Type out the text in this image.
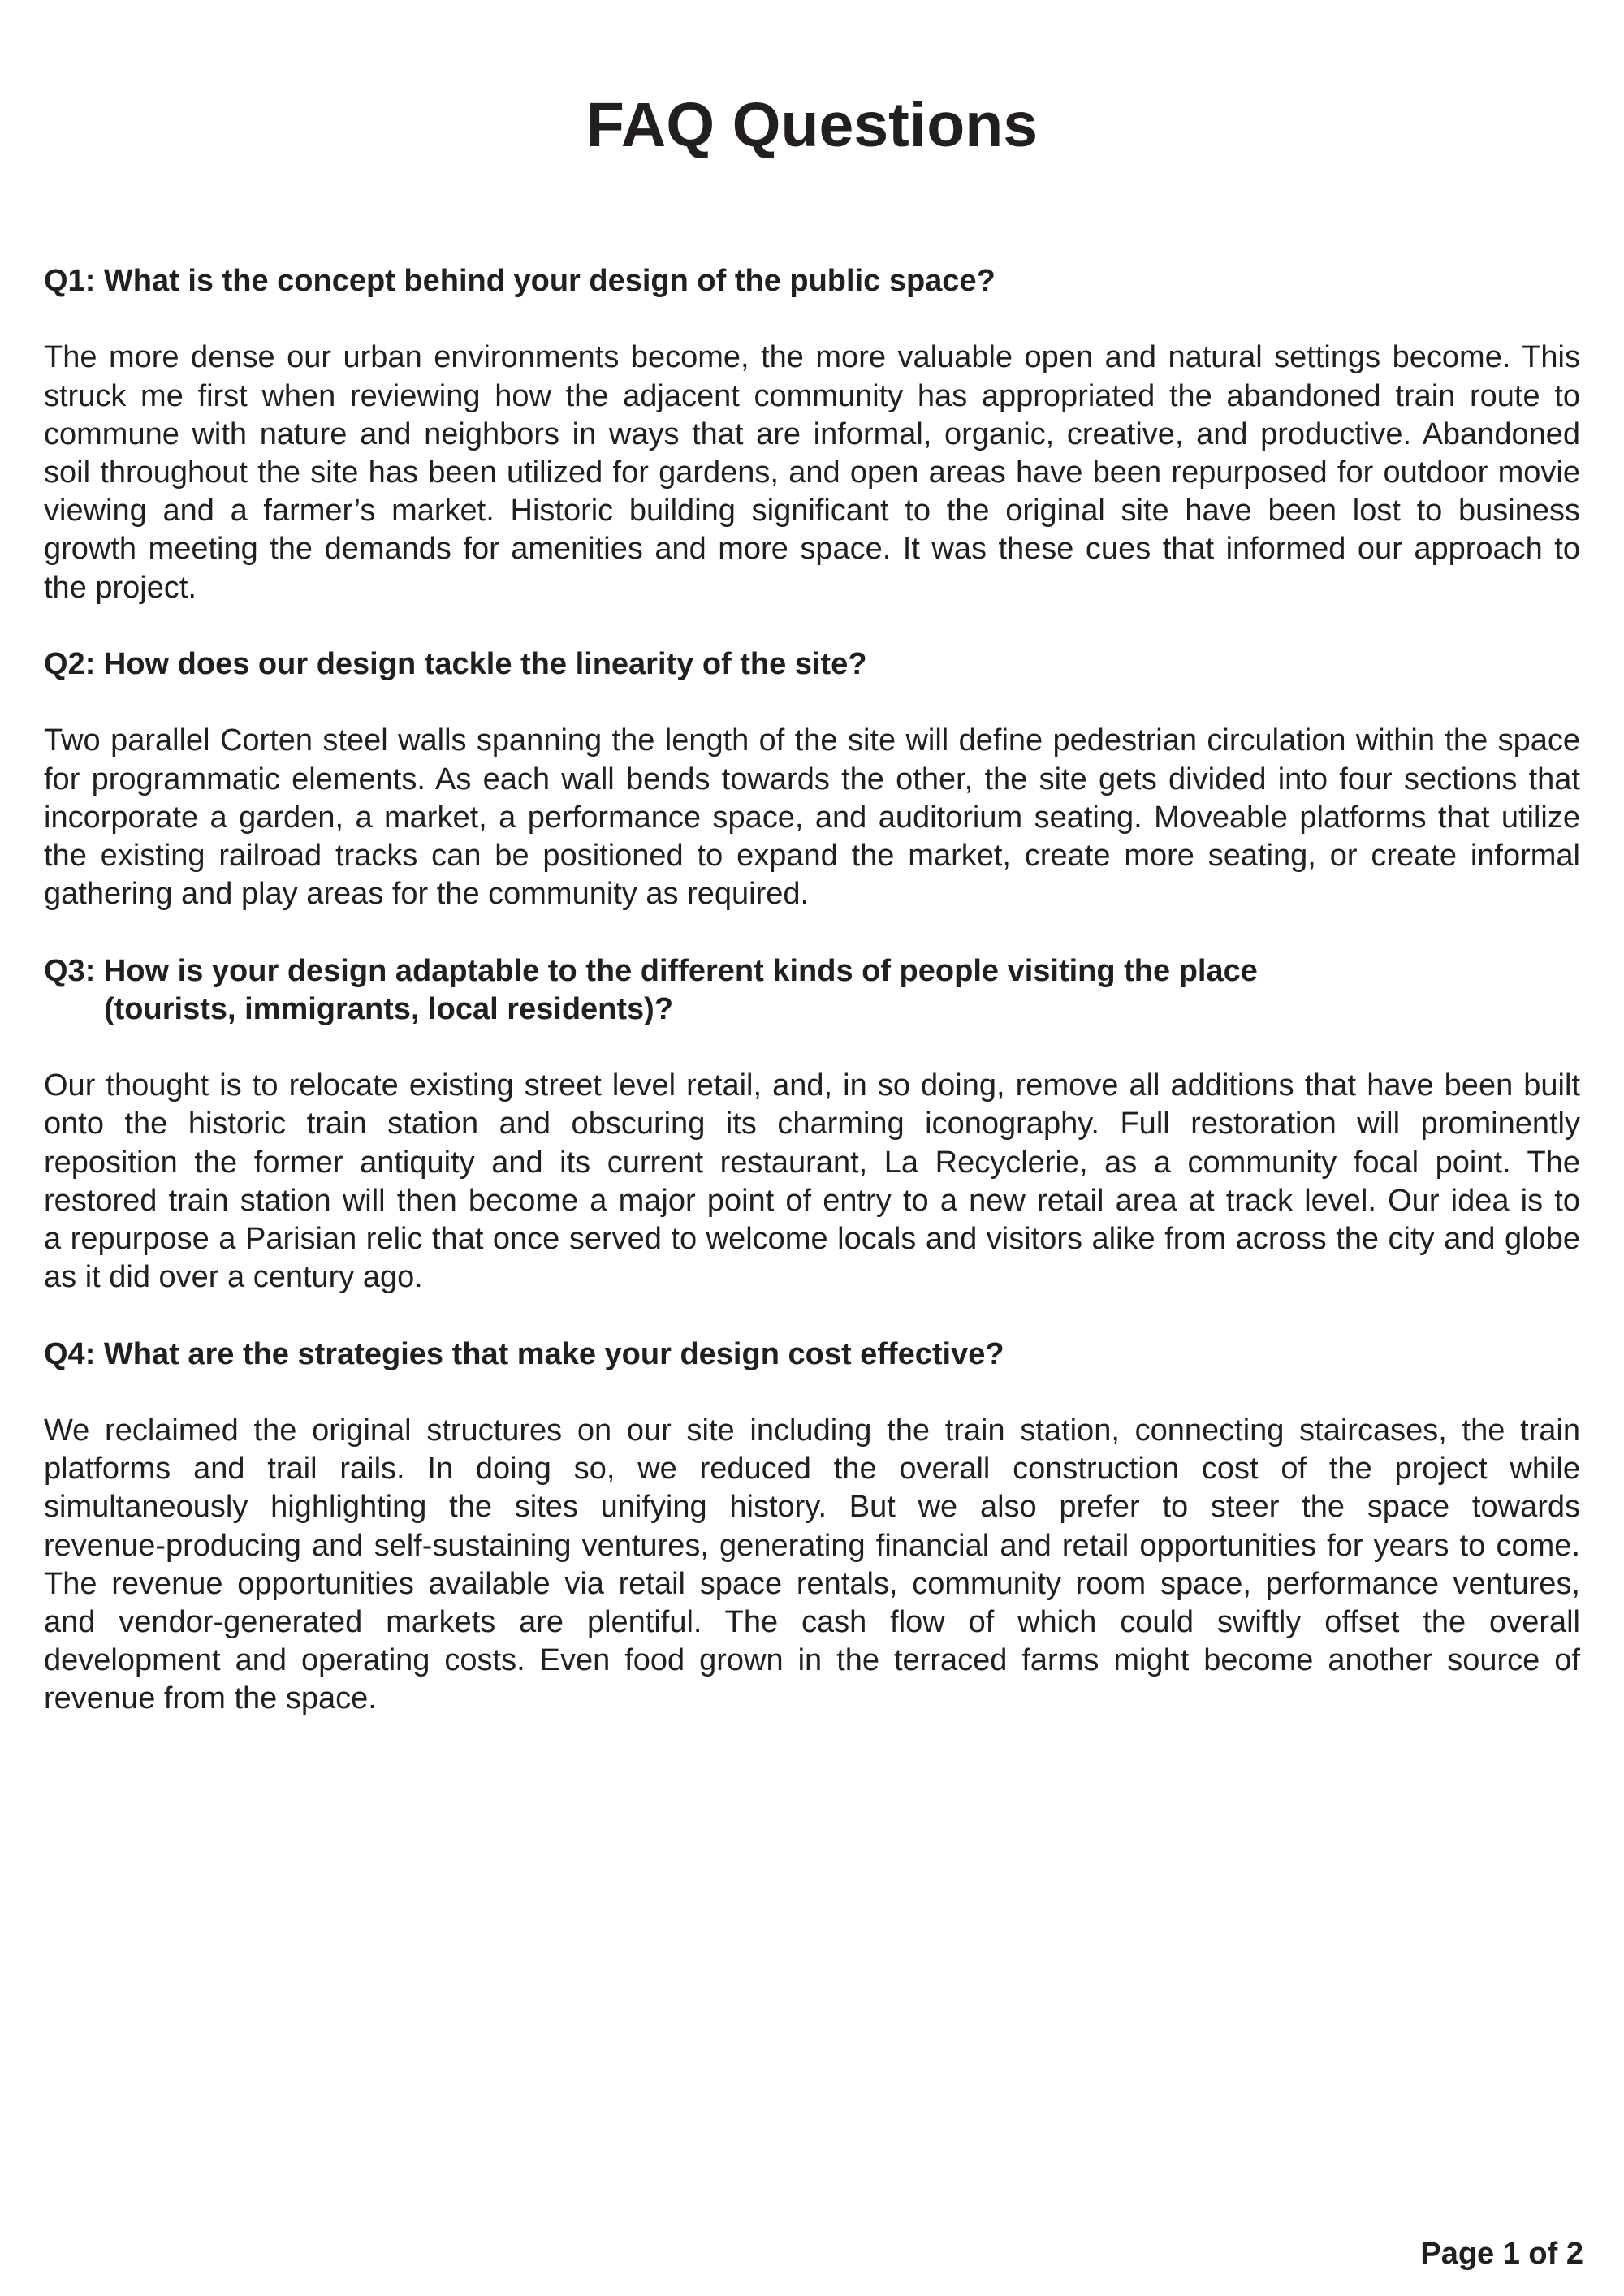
FAQ Questions
Q1: What is the concept behind your design of the public space?
The more dense our urban environments become, the more valuable open and natural settings become. This
struck me first when reviewing how the adjacent community has appropriated the abandoned train route to
commune with nature and neighbors in ways that are informal, organic, creative, and productive. Abandoned
soil throughout the site has been utilized for gardens, and open areas have been repurposed for outdoor movie
viewing and a farmer’s market. Historic building significant to the original site have been lost to business
growth meeting the demands for amenities and more space. It was these cues that informed our approach to
the project.
Q2: How does our design tackle the linearity of the site?
Two parallel Corten steel walls spanning the length of the site will define pedestrian circulation within the space
for programmatic elements. As each wall bends towards the other, the site gets divided into four sections that
incorporate a garden, a market, a performance space, and auditorium seating. Moveable platforms that utilize
the existing railroad tracks can be positioned to expand the market, create more seating, or create informal
gathering and play areas for the community as required.
Q3: How is your design adaptable to the different kinds of people visiting the place
(tourists, immigrants, local residents)?
Our thought is to relocate existing street level retail, and, in so doing, remove all additions that have been built
onto the historic train station and obscuring its charming iconography. Full restoration will prominently
reposition the former antiquity and its current restaurant, La Recyclerie, as a community focal point. The
restored train station will then become a major point of entry to a new retail area at track level. Our idea is to
a repurpose a Parisian relic that once served to welcome locals and visitors alike from across the city and globe
as it did over a century ago.
Q4: What are the strategies that make your design cost effective?
We reclaimed the original structures on our site including the train station, connecting staircases, the train
platforms and trail rails. In doing so, we reduced the overall construction cost of the project while
simultaneously highlighting the sites unifying history. But we also prefer to steer the space towards
revenue-producing and self-sustaining ventures, generating financial and retail opportunities for years to come.
The revenue opportunities available via retail space rentals, community room space, performance ventures,
and vendor-generated markets are plentiful. The cash flow of which could swiftly offset the overall
development and operating costs. Even food grown in the terraced farms might become another source of
revenue from the space.
Page 1 of 2
